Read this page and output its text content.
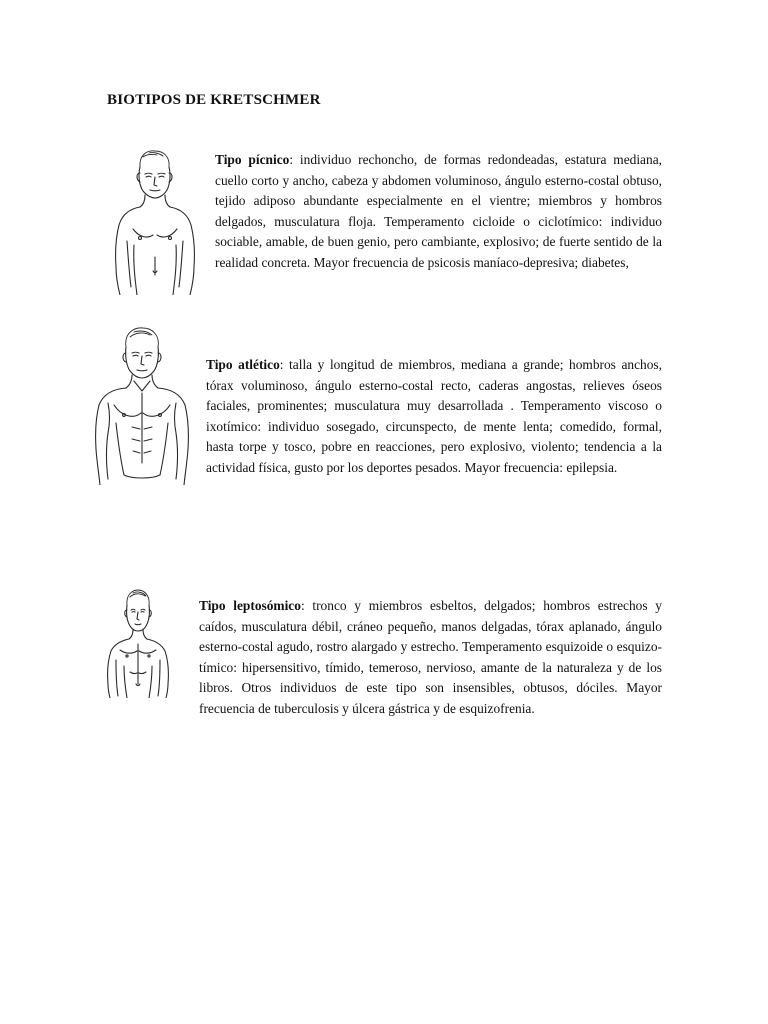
BIOTIPOS DE KRETSCHMER

Tipo pícnico: individuo rechoncho, de formas redondeadas, estatura mediana, cuello corto y ancho, cabeza y abdomen voluminoso, ángulo esterno-costal obtuso, tejido adiposo abundante especialmente en el vientre; miembros y hombros delgados, musculatura floja. Temperamento cicloide o ciclotímico: individuo sociable, amable, de buen genio, pero cambiante, explosivo; de fuerte sentido de la realidad concreta. Mayor frecuencia de psicosis maníaco-depresiva; diabetes,

Tipo atlético: talla y longitud de miembros, mediana a grande; hombros anchos, tórax voluminoso, ángulo esterno-costal recto, caderas angostas, relieves óseos faciales, prominentes; musculatura muy desarrollada . Temperamento viscoso o ixotímico: individuo sosegado, circunspecto, de mente lenta; comedido, formal, hasta torpe y tosco, pobre en reacciones, pero explosivo, violento; tendencia a la actividad física, gusto por los deportes pesados. Mayor frecuencia: epilepsia.

Tipo leptosómico: tronco y miembros esbeltos, delgados; hombros estrechos y caídos, musculatura débil, cráneo pequeño, manos delgadas, tórax aplanado, ángulo esterno-costal agudo, rostro alargado y estrecho. Temperamento esquizoide o esquizo-tímico: hipersensitivo, tímido, temeroso, nervioso, amante de la naturaleza y de los libros. Otros individuos de este tipo son insensibles, obtusos, dóciles. Mayor frecuencia de tuberculosis y úlcera gástrica y de esquizofrenia.
